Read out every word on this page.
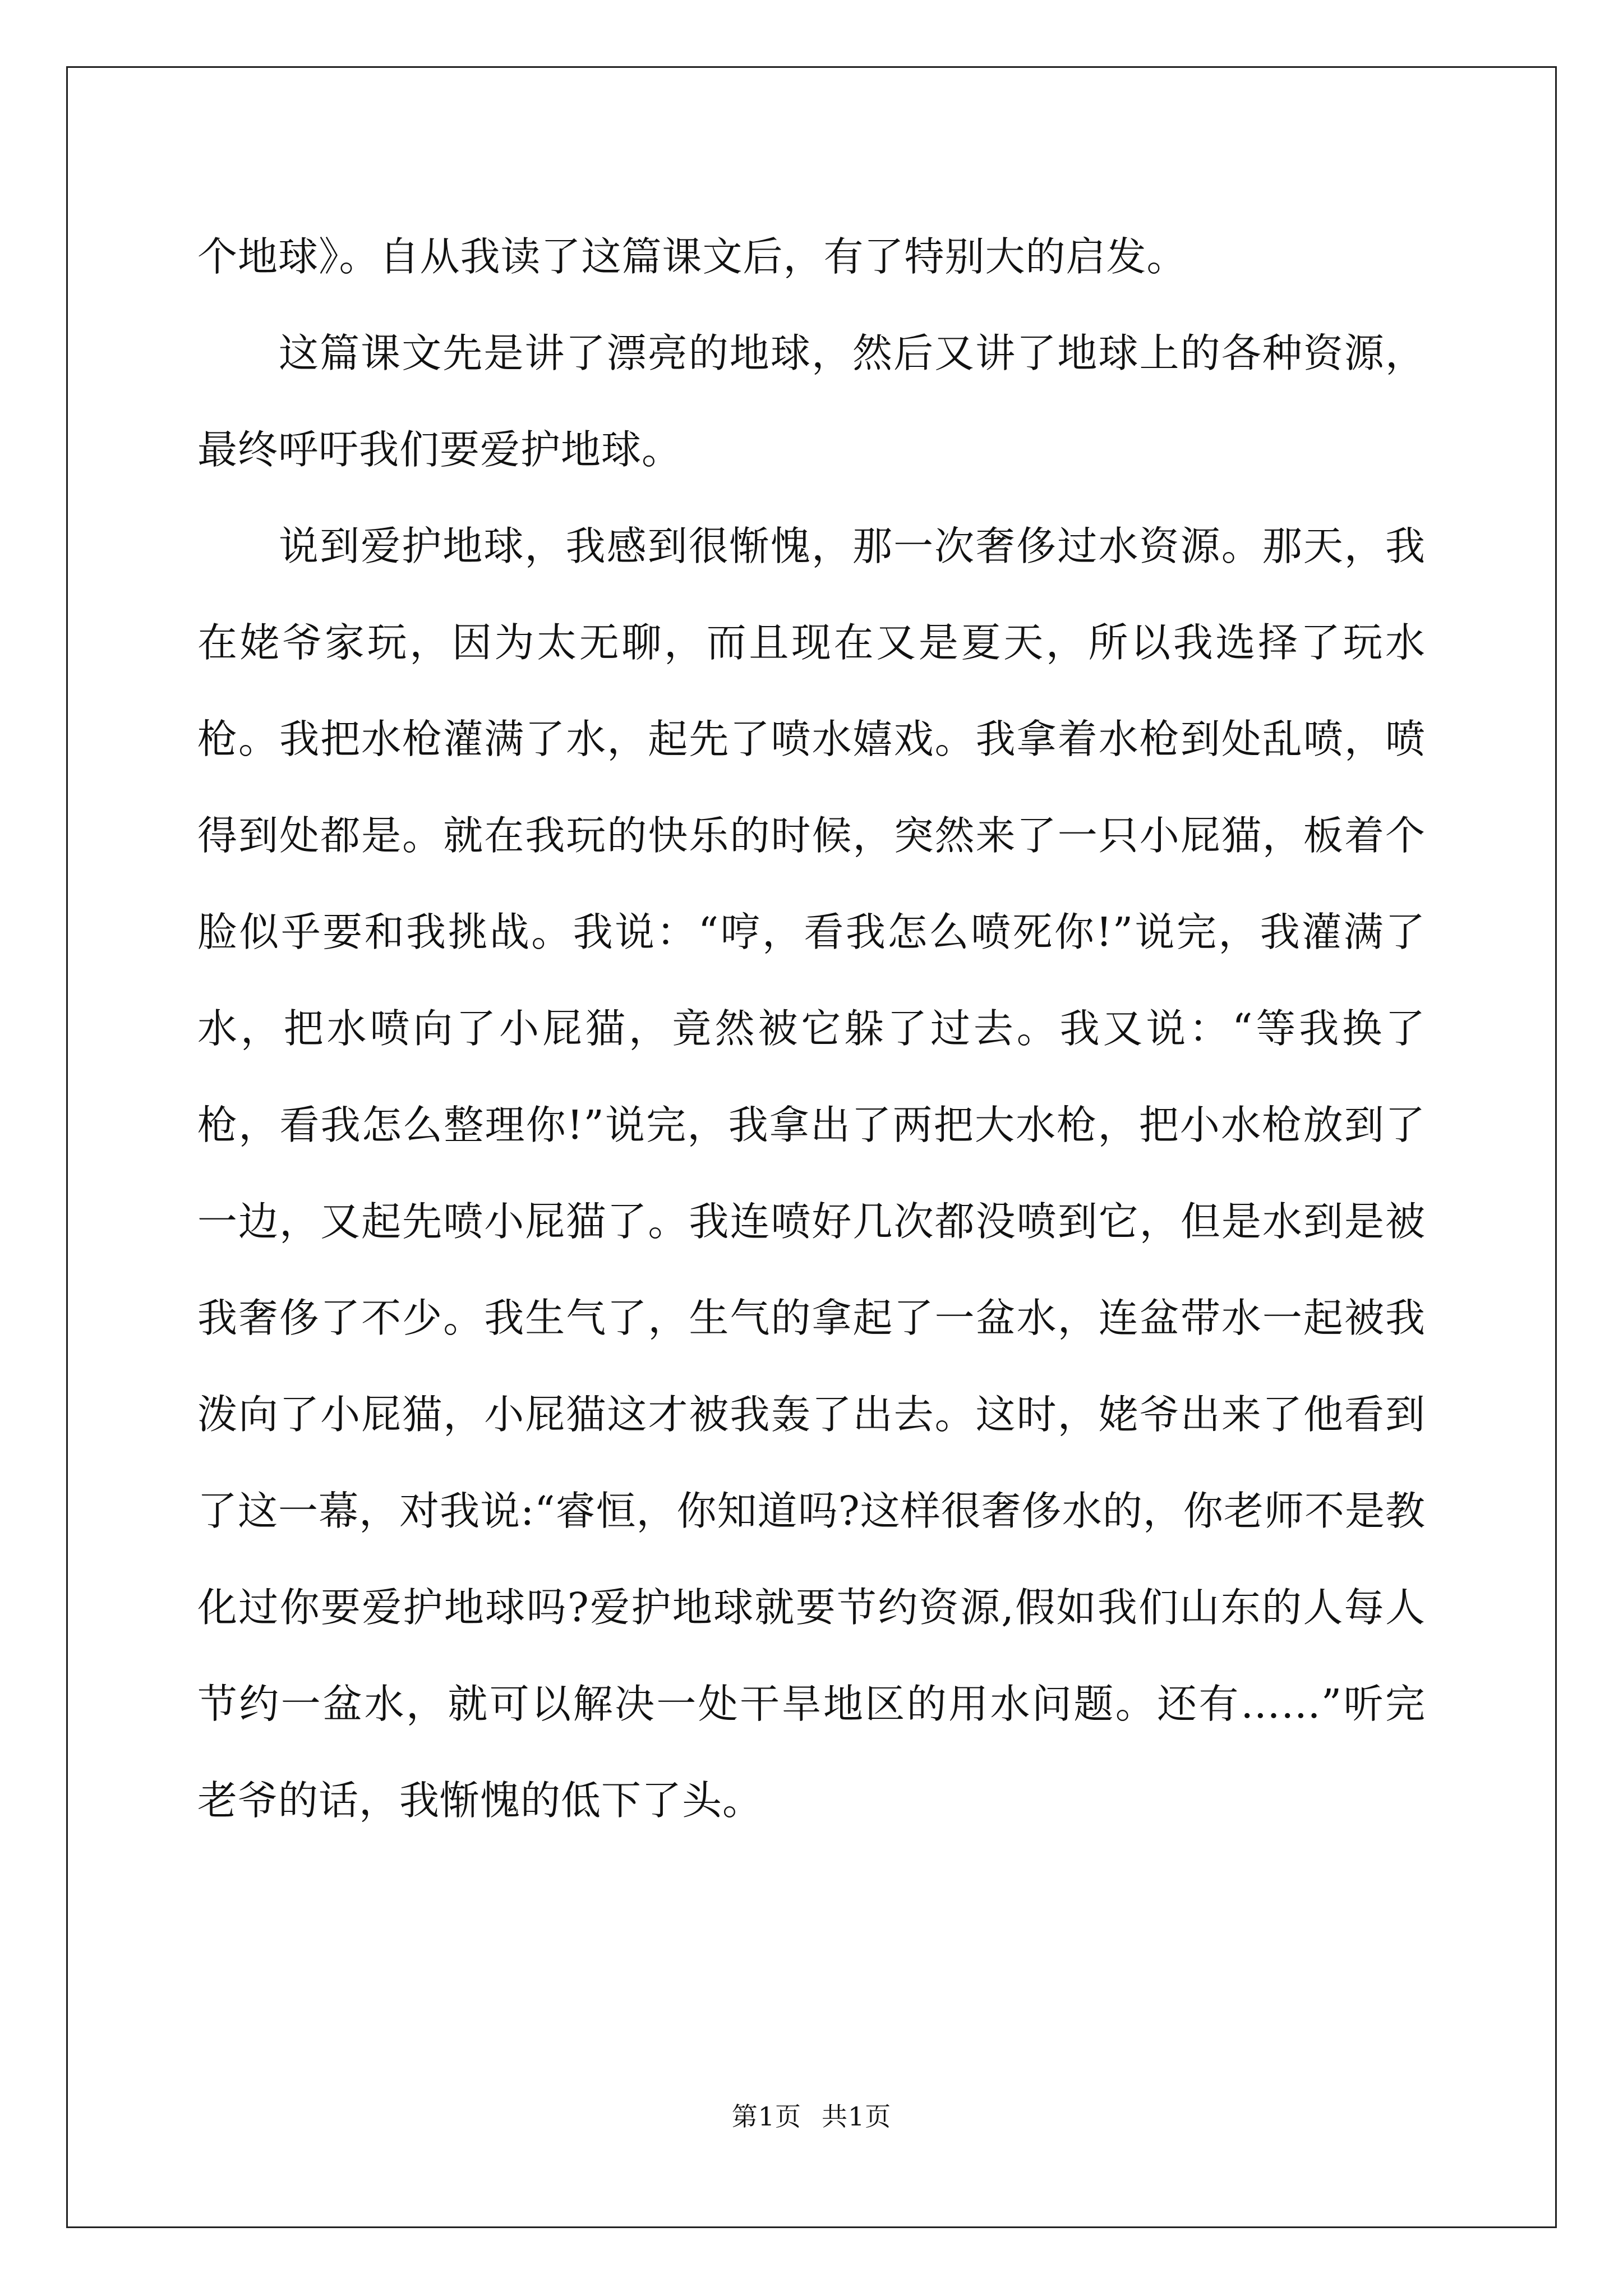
个地球》。自从我读了这篇课文后，有了特别大的启发。

这篇课文先是讲了漂亮的地球，然后又讲了地球上的各种资源，最终呼吁我们要爱护地球。

说到爱护地球，我感到很惭愧，那一次奢侈过水资源。那天，我在姥爷家玩，因为太无聊，而且现在又是夏天，所以我选择了玩水枪。我把水枪灌满了水，起先了喷水嬉戏。我拿着水枪到处乱喷，喷得到处都是。就在我玩的快乐的时候，突然来了一只小屁猫，板着个脸似乎要和我挑战。我说：“哼，看我怎么喷死你!”说完，我灌满了水，把水喷向了小屁猫，竟然被它躲了过去。我又说：“等我换了枪，看我怎么整理你!”说完，我拿出了两把大水枪，把小水枪放到了一边，又起先喷小屁猫了。我连喷好几次都没喷到它，但是水到是被我奢侈了不少。我生气了，生气的拿起了一盆水，连盆带水一起被我泼向了小屁猫，小屁猫这才被我轰了出去。这时，姥爷出来了他看到了这一幕，对我说:“睿恒，你知道吗?这样很奢侈水的，你老师不是教化过你要爱护地球吗?爱护地球就要节约资源,假如我们山东的人每人节约一盆水，就可以解决一处干旱地区的用水问题。还有……”听完老爷的话，我惭愧的低下了头。

第1页 共1页
